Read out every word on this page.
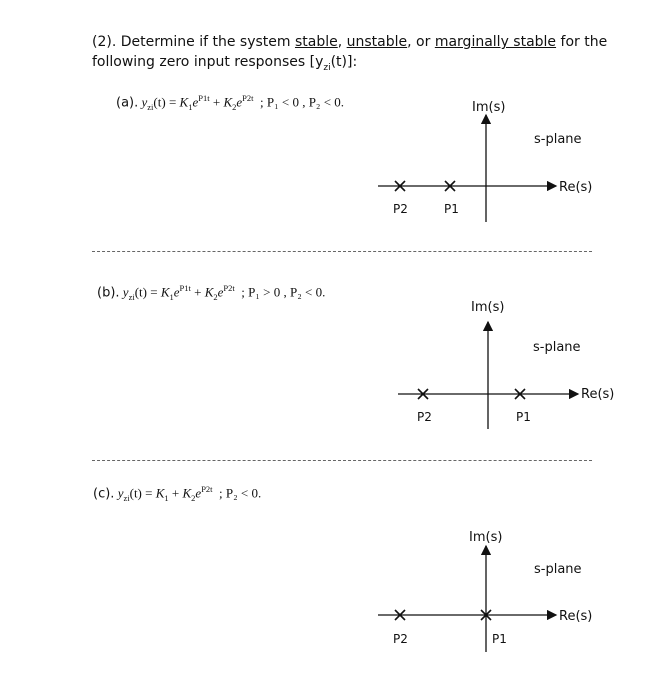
(2). Determine if the system stable, unstable, or marginally stable for the following zero input responses $[y_{zi}(t)]$:
(a). $y_{zi}(t) = K_1e^{P1t} + K_2e^{P2t}$ ; P₁ < 0 , P₂ < 0.
(b). $y_{zi}(t) = K_1e^{P1t} + K_2e^{P2t}$ ; P₁ > 0 , P₂ < 0.
(c). $y_{zi}(t) = K_1 + K_2e^{P2t}$ ; P₂ < 0.
Im(s)
Re(s)
s-plane
P2	P1
Im(s)
Re(s)
s-plane
P2	P1
Im(s)
Re(s)
s-plane
P2	P1
